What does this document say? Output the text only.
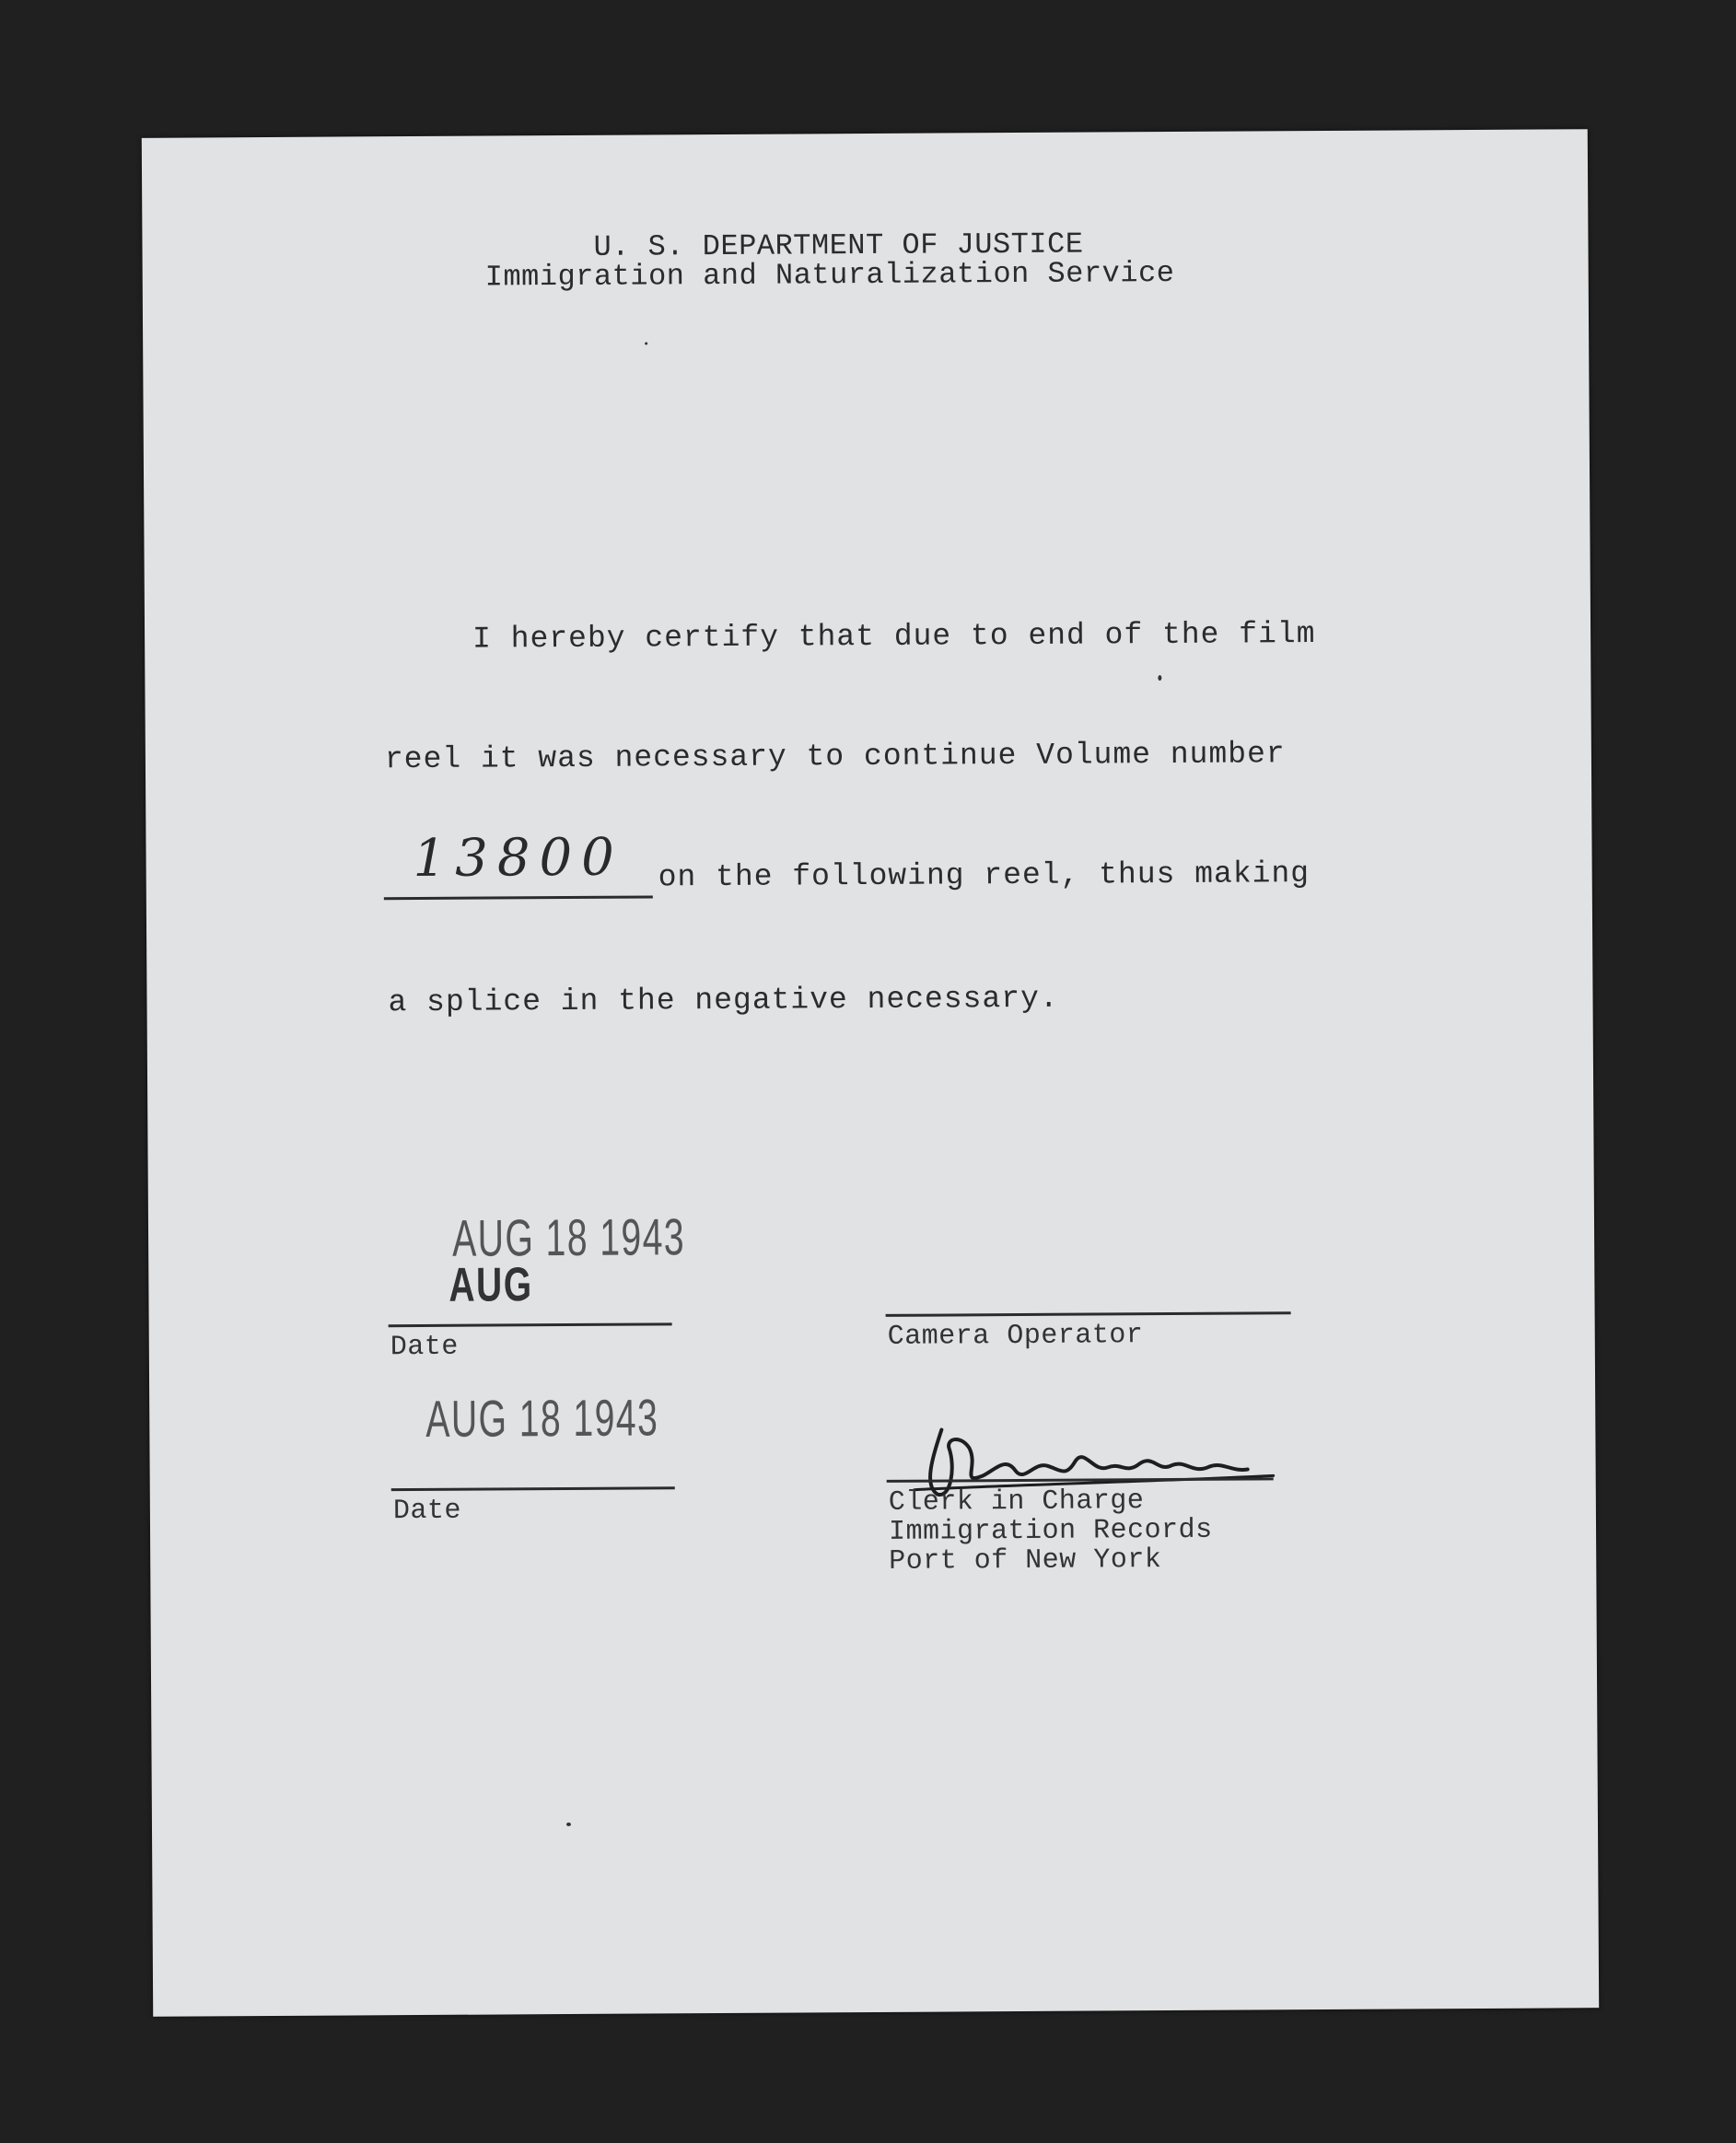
U. S. DEPARTMENT OF JUSTICE
Immigration and Naturalization Service
I hereby certify that due to end of the film
reel it was necessary to continue Volume number
13800 on the following reel, thus making
a splice in the negative necessary.
AUG 18 1943
AUG
Date	Camera Operator
AUG 18 1943
Date	Clerk in Charge
Immigration Records
Port of New York
